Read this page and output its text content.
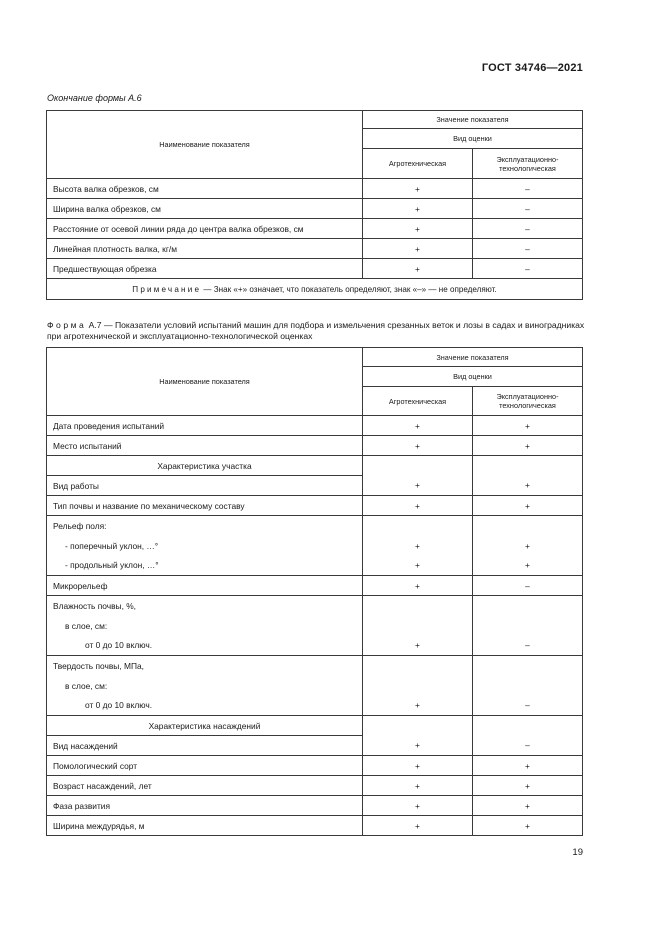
ГОСТ 34746—2021
Окончание формы А.6
Наименование показателя	Значение показателя	
	Вид оценки	
	Агротехническая	Эксплуатационно-технологическая
Высота валка обрезков, см	+	–
Ширина валка обрезков, см	+	–
Расстояние от осевой линии ряда до центра валка обрезков, см	+	–
Линейная плотность валка, кг/м	+	–
Предшествующая обрезка	+	–
Примечание — Знак «+» означает, что показатель определяют, знак «–» — не определяют.		
Форма А.7 — Показатели условий испытаний машин для подбора и измельчения срезанных веток и лозы в садах и виноградниках при агротехнической и эксплуатационно-технологической оценках
Наименование показателя	Значение показателя	
	Вид оценки	
	Агротехническая	Эксплуатационно-технологическая
Дата проведения испытаний	+	+
Место испытаний	+	+
Характеристика участка		
Вид работы	+	+
Тип почвы и название по механическому составу	+	+
Рельеф поля:		
- поперечный уклон, …°	+	+
- продольный уклон, …°	+	+
Микрорельеф	+	–
Влажность почвы, %,		
в слое, см:		
от 0 до 10 включ.	+	–
Твердость почвы, МПа,		
в слое, см:		
от 0 до 10 включ.	+	–
Характеристика насаждений		
Вид насаждений	+	–
Помологический сорт	+	+
Возраст насаждений, лет	+	+
Фаза развития	+	+
Ширина междурядья, м	+	+
19
